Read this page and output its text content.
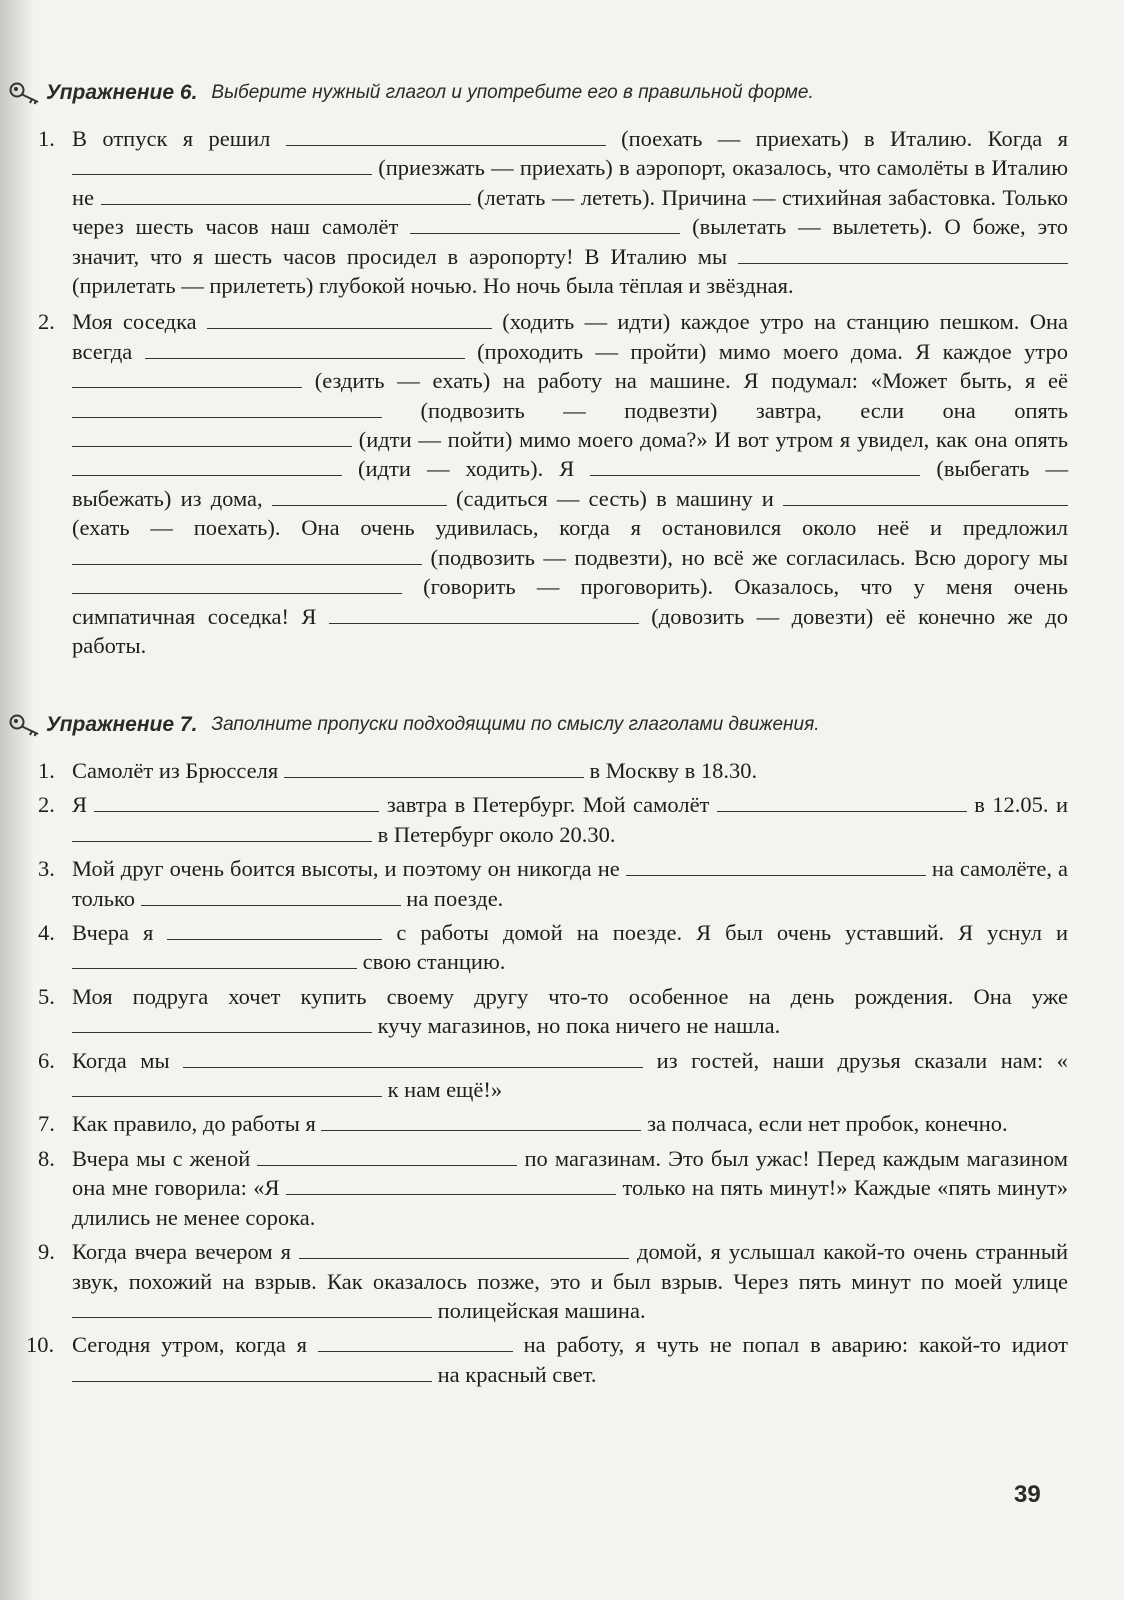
Упражнение 6. Выберите нужный глагол и употребите его в правильной форме.
1. В отпуск я решил	(поехать — приехать) в Италию. Когда я  (приезжать — приехать) в аэропорт, оказалось, что самолёты в Италию не	(летать — лететь). Причина — стихийная забастовка. Только через шесть часов наш самолёт	(вылетать — вылететь). О боже, это значит, что я шесть часов просидел в аэропорту! В Италию мы  (прилетать — прилететь) глубокой ночью. Но ночь была тёплая и звёздная.
2. Моя соседка	(ходить — идти) каждое утро на станцию пешком. Она всегда	(проходить — пройти) мимо моего дома. Я каждое утро  (ездить — ехать) на работу на машине. Я подумал: «Может быть, я её  (подвозить — подвезти) завтра, если она опять  (идти — пойти) мимо моего дома?» И вот утром я увидел, как она опять  (идти — ходить). Я	(выбегать — выбежать) из дома,	(садиться — сесть) в машину и  (ехать — поехать). Она очень удивилась, когда я остановился около неё и предложил  (подвозить — подвезти), но всё же согласилась. Всю дорогу мы  (говорить — проговорить). Оказалось, что у меня очень симпатичная соседка! Я	(довозить — довезти) её конечно же до работы.
Упражнение 7. Заполните пропуски подходящими по смыслу глаголами движения.
1. Самолёт из Брюсселя	в Москву в 18.30.
2. Я	завтра в Петербург. Мой самолёт	в 12.05. и  в Петербург около 20.30.
3. Мой друг очень боится высоты, и поэтому он никогда не	на самолёте, а только	на поезде.
4. Вчера я	с работы домой на поезде. Я был очень уставший. Я уснул и  свою станцию.
5. Моя подруга хочет купить своему другу что-то особенное на день рождения. Она уже  кучу магазинов, но пока ничего не нашла.
6. Когда мы	из гостей, наши друзья сказали нам: « к нам ещё!»
7. Как правило, до работы я	за полчаса, если нет пробок, конечно.
8. Вчера мы с женой	по магазинам. Это был ужас! Перед каждым магазином она мне говорила: «Я	только на пять минут!» Каждые «пять минут» длились не менее сорока.
9. Когда вчера вечером я	домой, я услышал какой-то очень странный звук, похожий на взрыв. Как оказалось позже, это и был взрыв. Через пять минут по моей улице  полицейская машина.
10. Сегодня утром, когда я	на работу, я чуть не попал в аварию: какой-то идиот  на красный свет.
39
